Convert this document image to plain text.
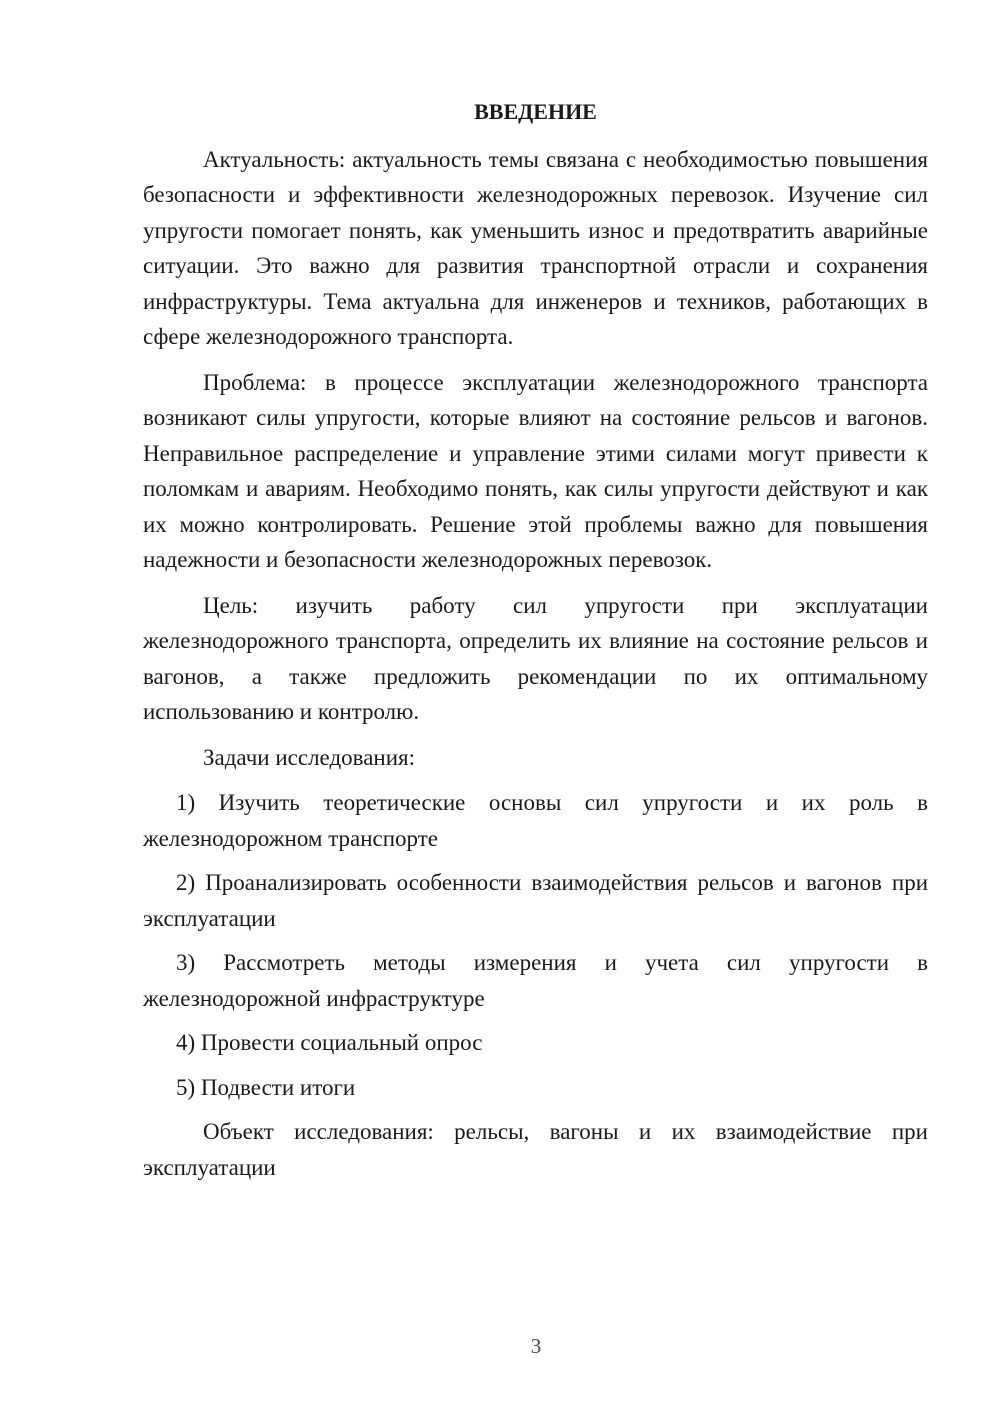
ВВЕДЕНИЕ

Актуальность: актуальность темы связана с необходимостью повышения безопасности и эффективности железнодорожных перевозок. Изучение сил упругости помогает понять, как уменьшить износ и предотвратить аварийные ситуации. Это важно для развития транспортной отрасли и сохранения инфраструктуры. Тема актуальна для инженеров и техников, работающих в сфере железнодорожного транспорта.

Проблема: в процессе эксплуатации железнодорожного транспорта возникают силы упругости, которые влияют на состояние рельсов и вагонов. Неправильное распределение и управление этими силами могут привести к поломкам и авариям. Необходимо понять, как силы упругости действуют и как их можно контролировать. Решение этой проблемы важно для повышения надежности и безопасности железнодорожных перевозок.

Цель: изучить работу сил упругости при эксплуатации железнодорожного транспорта, определить их влияние на состояние рельсов и вагонов, а также предложить рекомендации по их оптимальному использованию и контролю.

Задачи исследования:

1) Изучить теоретические основы сил упругости и их роль в железнодорожном транспорте

2) Проанализировать особенности взаимодействия рельсов и вагонов при эксплуатации

3) Рассмотреть методы измерения и учета сил упругости в железнодорожной инфраструктуре

4) Провести социальный опрос

5) Подвести итоги

Объект исследования: рельсы, вагоны и их взаимодействие при эксплуатации

3
